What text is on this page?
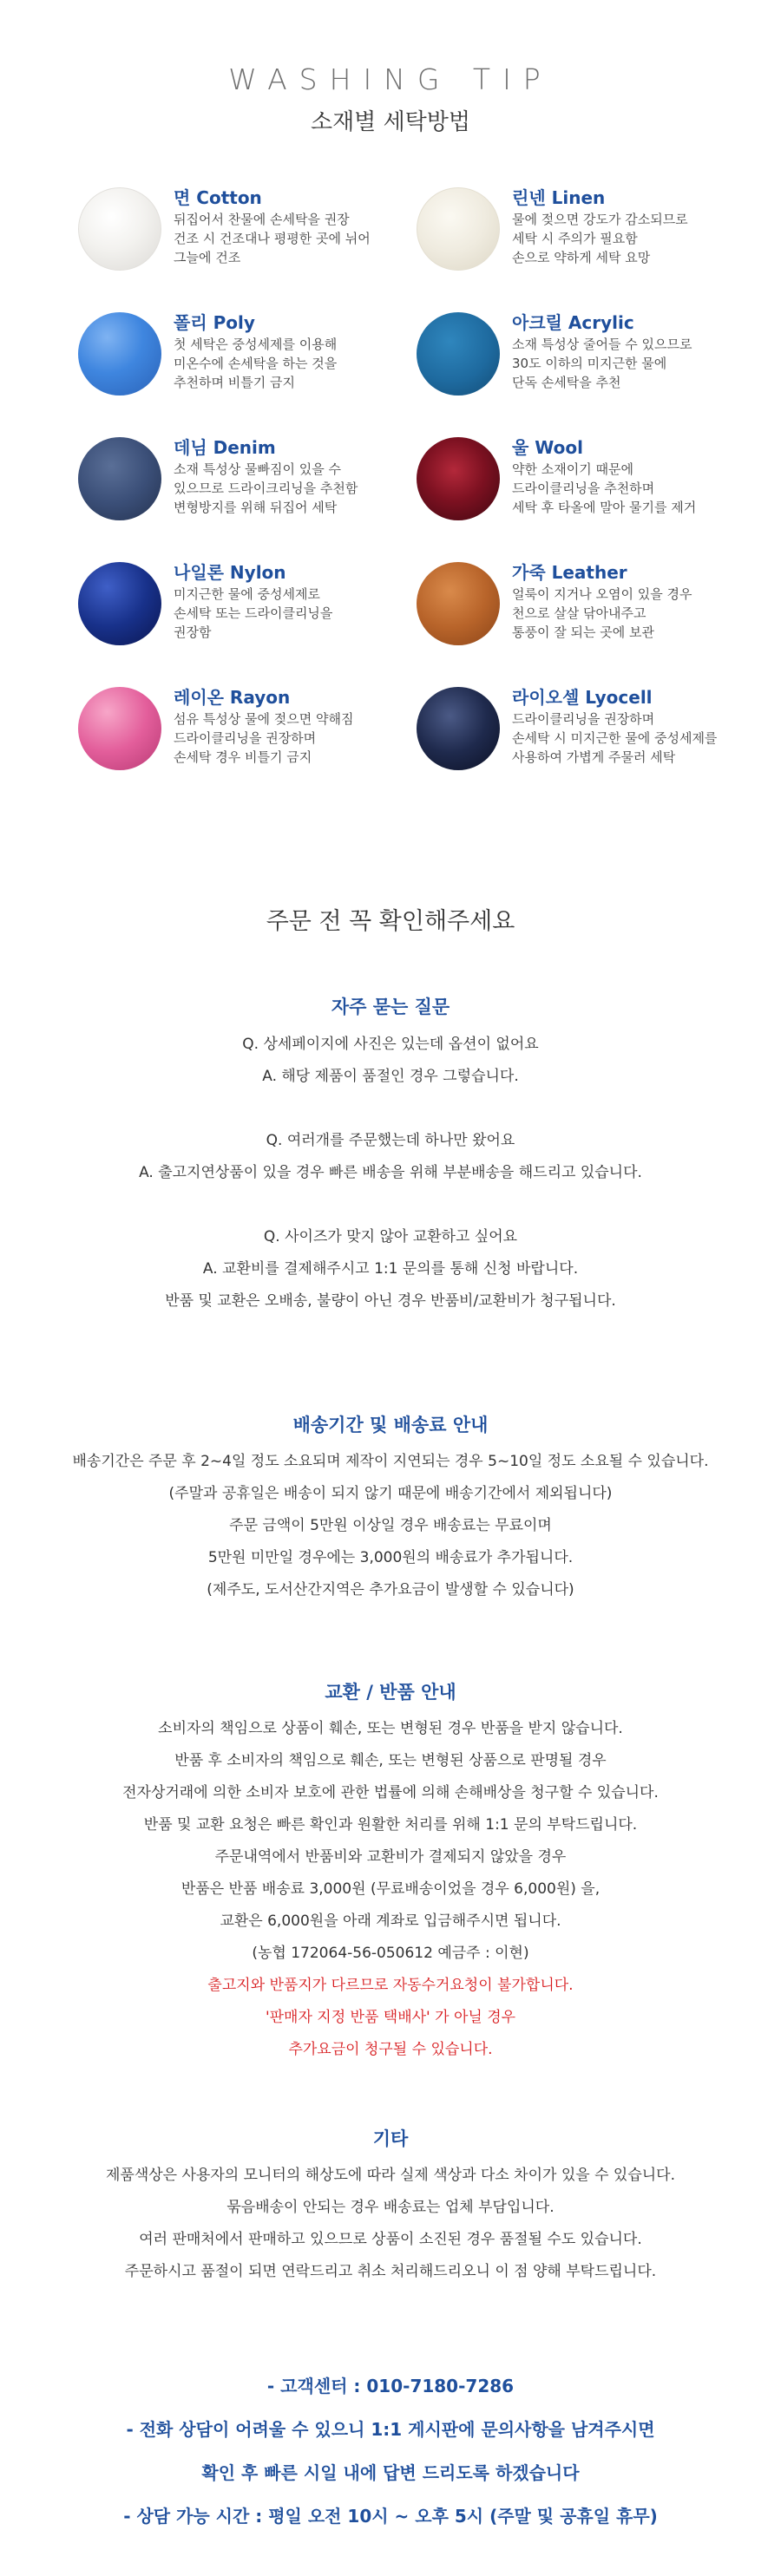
WASHING TIP
소재별 세탁방법
면 Cotton
뒤집어서 찬물에 손세탁을 권장
건조 시 건조대나 평평한 곳에 뉘어
그늘에 건조
린넨 Linen
물에 젖으면 강도가 감소되므로
세탁 시 주의가 필요함
손으로 약하게 세탁 요망
폴리 Poly
첫 세탁은 중성세제를 이용해
미온수에 손세탁을 하는 것을
추천하며 비틀기 금지
아크릴 Acrylic
소재 특성상 줄어들 수 있으므로
30도 이하의 미지근한 물에
단독 손세탁을 추천
데님 Denim
소재 특성상 물빠짐이 있을 수
있으므로 드라이크리닝을 추천함
변형방지를 위해 뒤집어 세탁
울 Wool
약한 소재이기 때문에
드라이클리닝을 추천하며
세탁 후 타올에 말아 물기를 제거
나일론 Nylon
미지근한 물에 중성세제로
손세탁 또는 드라이클리닝을
권장함
가죽 Leather
얼룩이 지거나 오염이 있을 경우
천으로 살살 닦아내주고
통풍이 잘 되는 곳에 보관
레이온 Rayon
섬유 특성상 물에 젖으면 약해짐
드라이클리닝을 권장하며
손세탁 경우 비틀기 금지
라이오셀 Lyocell
드라이클리닝을 권장하며
손세탁 시 미지근한 물에 중성세제를
사용하여 가볍게 주물러 세탁
주문 전 꼭 확인해주세요
자주 묻는 질문
Q. 상세페이지에 사진은 있는데 옵션이 없어요
A. 해당 제품이 품절인 경우 그렇습니다.
Q. 여러개를 주문했는데 하나만 왔어요
A. 출고지연상품이 있을 경우 빠른 배송을 위해 부분배송을 해드리고 있습니다.
Q. 사이즈가 맞지 않아 교환하고 싶어요
A. 교환비를 결제해주시고 1:1 문의를 통해 신청 바랍니다.
반품 및 교환은 오배송, 불량이 아닌 경우 반품비/교환비가 청구됩니다.
배송기간 및 배송료 안내
배송기간은 주문 후 2~4일 정도 소요되며 제작이 지연되는 경우 5~10일 정도 소요될 수 있습니다.
(주말과 공휴일은 배송이 되지 않기 때문에 배송기간에서 제외됩니다)
주문 금액이 5만원 이상일 경우 배송료는 무료이며
5만원 미만일 경우에는 3,000원의 배송료가 추가됩니다.
(제주도, 도서산간지역은 추가요금이 발생할 수 있습니다)
교환 / 반품 안내
소비자의 책임으로 상품이 훼손, 또는 변형된 경우 반품을 받지 않습니다.
반품 후 소비자의 책임으로 훼손, 또는 변형된 상품으로 판명될 경우
전자상거래에 의한 소비자 보호에 관한 법률에 의해 손해배상을 청구할 수 있습니다.
반품 및 교환 요청은 빠른 확인과 원활한 처리를 위해 1:1 문의 부탁드립니다.
주문내역에서 반품비와 교환비가 결제되지 않았을 경우
반품은 반품 배송료 3,000원 (무료배송이었을 경우 6,000원) 을,
교환은 6,000원을 아래 계좌로 입금해주시면 됩니다.
(농협 172064-56-050612 예금주 : 이현)
출고지와 반품지가 다르므로 자동수거요청이 불가합니다.
'판매자 지정 반품 택배사' 가 아닐 경우
추가요금이 청구될 수 있습니다.
기타
제품색상은 사용자의 모니터의 해상도에 따라 실제 색상과 다소 차이가 있을 수 있습니다.
묶음배송이 안되는 경우 배송료는 업체 부담입니다.
여러 판매처에서 판매하고 있으므로 상품이 소진된 경우 품절될 수도 있습니다.
주문하시고 품절이 되면 연락드리고 취소 처리해드리오니 이 점 양해 부탁드립니다.
- 고객센터 : 010-7180-7286
- 전화 상담이 어려울 수 있으니 1:1 게시판에 문의사항을 남겨주시면
확인 후 빠른 시일 내에 답변 드리도록 하겠습니다
- 상담 가능 시간 : 평일 오전 10시 ~ 오후 5시 (주말 및 공휴일 휴무)
